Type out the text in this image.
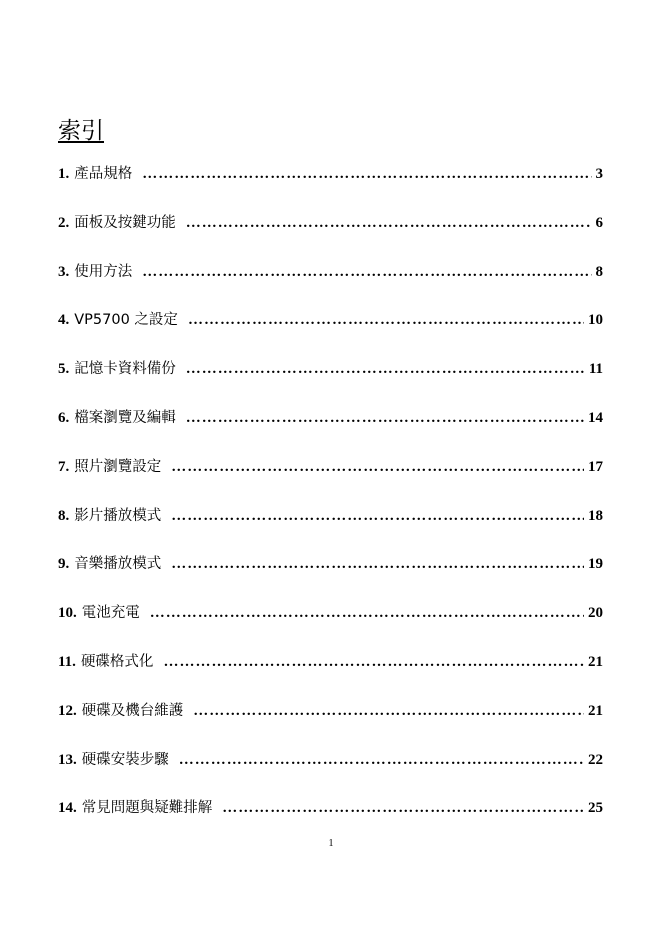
索引
1. 產品規格 ………………………………………………………………………………………………………………………………………………	3
2. 面板及按鍵功能 ………………………………………………………………………………………………………………………………………………	6
3. 使用方法 ………………………………………………………………………………………………………………………………………………	8
4. VP5700 之設定 ………………………………………………………………………………………………………………………………………………	10
5. 記憶卡資料備份 ………………………………………………………………………………………………………………………………………………	11
6. 檔案瀏覽及編輯 ………………………………………………………………………………………………………………………………………………	14
7. 照片瀏覽設定 ………………………………………………………………………………………………………………………………………………	17
8. 影片播放模式 ………………………………………………………………………………………………………………………………………………	18
9. 音樂播放模式 ………………………………………………………………………………………………………………………………………………	19
10. 電池充電 ………………………………………………………………………………………………………………………………………………	20
11. 硬碟格式化 ………………………………………………………………………………………………………………………………………………	21
12. 硬碟及機台維護 ………………………………………………………………………………………………………………………………………………	21
13. 硬碟安裝步驟 ………………………………………………………………………………………………………………………………………………	22
14. 常見問題與疑難排解 ………………………………………………………………………………………………………………………………………………	25
1
